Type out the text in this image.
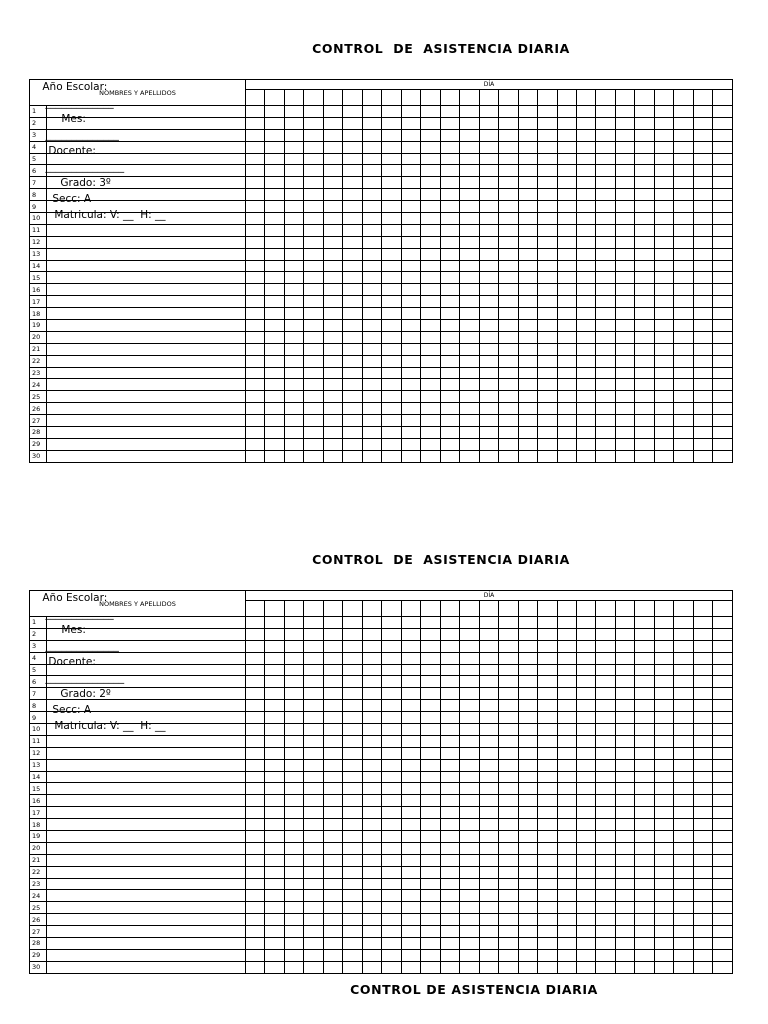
CONTROL  DE  ASISTENCIA DIARIA

Año Escolar:
_____________
Mes:
______________
Docente:
_______________
Grado: 3º
Secc: A
Matricula: V: __  H: __

NOMBRES Y APELLIDOS		DÍA																								

1																										
2																										
3																										
4																										
5																										
6																										
7																										
8																										
9																										
10																										
11																										
12																										
13																										
14																										
15																										
16																										
17																										
18																										
19																										
20																										
21																										
22																										
23																										
24																										
25																										
26																										
27																										
28																										
29																										
30																										
CONTROL  DE  ASISTENCIA DIARIA

Año Escolar:
_____________
Mes:
______________
Docente:
_______________
Grado: 2º
Secc: A
Matricula: V: __  H: __

NOMBRES Y APELLIDOS		DÍA																								

1																										
2																										
3																										
4																										
5																										
6																										
7																										
8																										
9																										
10																										
11																										
12																										
13																										
14																										
15																										
16																										
17																										
18																										
19																										
20																										
21																										
22																										
23																										
24																										
25																										
26																										
27																										
28																										
29																										
30																										
CONTROL DE ASISTENCIA DIARIA
